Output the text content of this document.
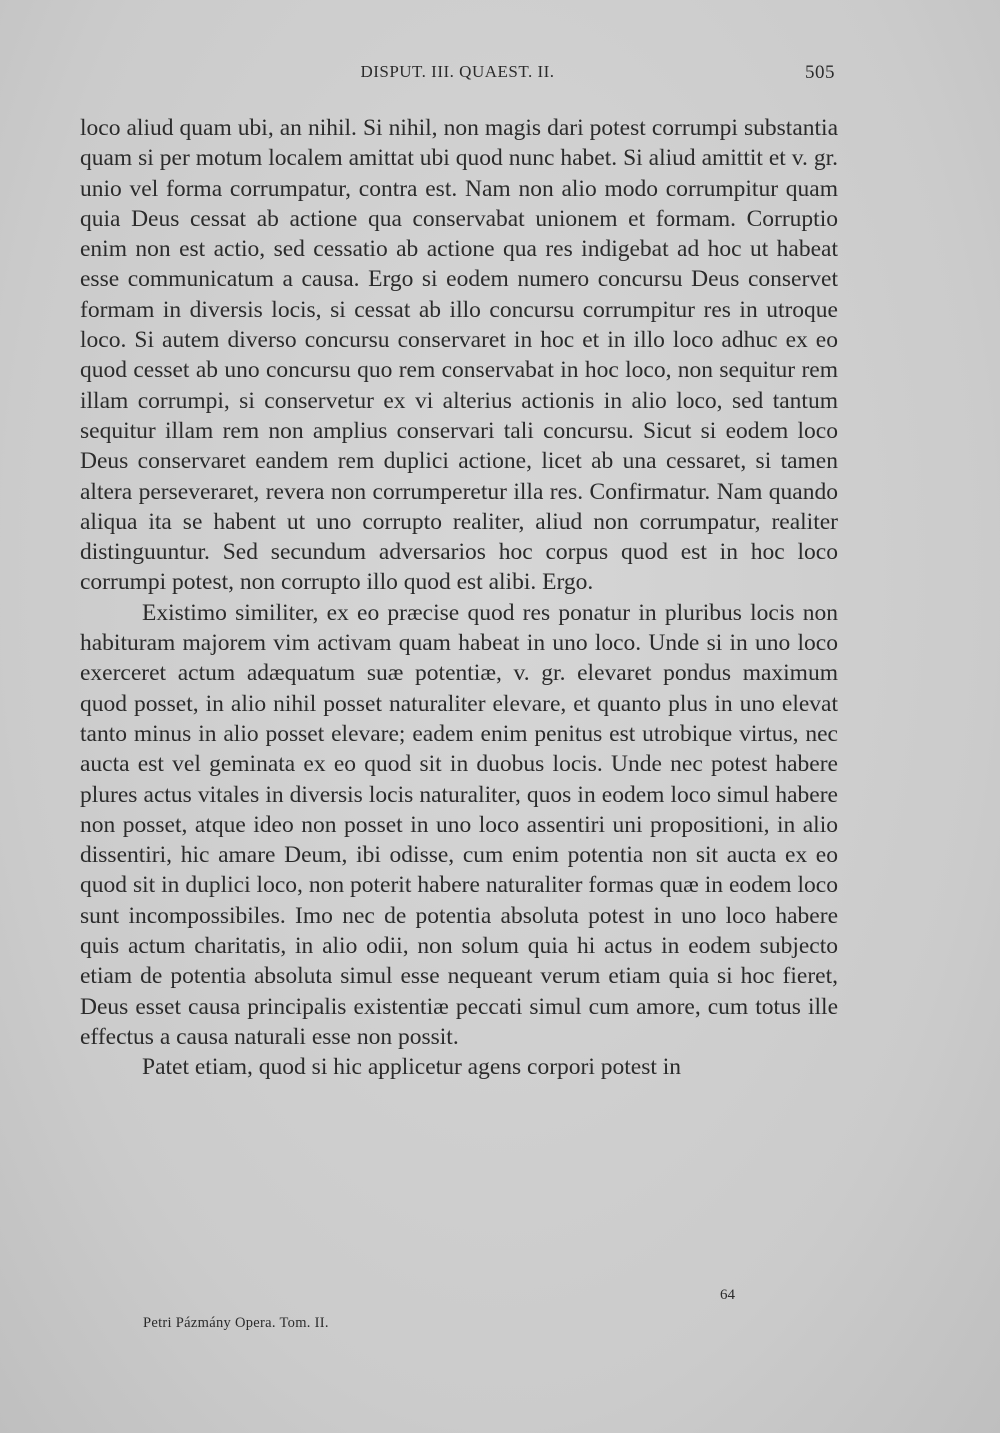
DISPUT. III. QUAEST. II.	505

loco aliud quam ubi, an nihil. Si nihil, non magis dari potest corrumpi substantia quam si per motum localem amittat ubi quod nunc habet. Si aliud amittit et v. gr. unio vel forma corrumpatur, contra est. Nam non alio modo corrumpitur quam quia Deus cessat ab actione qua conservabat unionem et formam. Corruptio enim non est actio, sed cessatio ab actione qua res indigebat ad hoc ut habeat esse communicatum a causa. Ergo si eodem numero concursu Deus conservet formam in diversis locis, si cessat ab illo concursu corrumpitur res in utroque loco. Si autem diverso concursu conservaret in hoc et in illo loco adhuc ex eo quod cesset ab uno concursu quo rem conservabat in hoc loco, non sequitur rem illam corrumpi, si conservetur ex vi alterius actionis in alio loco, sed tantum sequitur illam rem non amplius conservari tali concursu. Sicut si eodem loco Deus conservaret eandem rem duplici actione, licet ab una cessaret, si tamen altera perseveraret, revera non corrumperetur illa res. Confirmatur. Nam quando aliqua ita se habent ut uno corrupto realiter, aliud non corrumpatur, realiter distinguuntur. Sed secundum adversarios hoc corpus quod est in hoc loco corrumpi potest, non corrupto illo quod est alibi. Ergo.

Existimo similiter, ex eo præcise quod res ponatur in pluribus locis non habituram majorem vim activam quam habeat in uno loco. Unde si in uno loco exerceret actum adæquatum suæ potentiæ, v. gr. elevaret pondus maximum quod posset, in alio nihil posset naturaliter elevare, et quanto plus in uno elevat tanto minus in alio posset elevare; eadem enim penitus est utrobique virtus, nec aucta est vel geminata ex eo quod sit in duobus locis. Unde nec potest habere plures actus vitales in diversis locis naturaliter, quos in eodem loco simul habere non posset, atque ideo non posset in uno loco assentiri uni propositioni, in alio dissentiri, hic amare Deum, ibi odisse, cum enim potentia non sit aucta ex eo quod sit in duplici loco, non poterit habere naturaliter formas quæ in eodem loco sunt incompossibiles. Imo nec de potentia absoluta potest in uno loco habere quis actum charitatis, in alio odii, non solum quia hi actus in eodem subjecto etiam de potentia absoluta simul esse nequeant verum etiam quia si hoc fieret, Deus esset causa principalis existentiæ peccati simul cum amore, cum totus ille effectus a causa naturali esse non possit.

Patet etiam, quod si hic applicetur agens corpori potest in

64
Petri Pázmány Opera. Tom. II.
